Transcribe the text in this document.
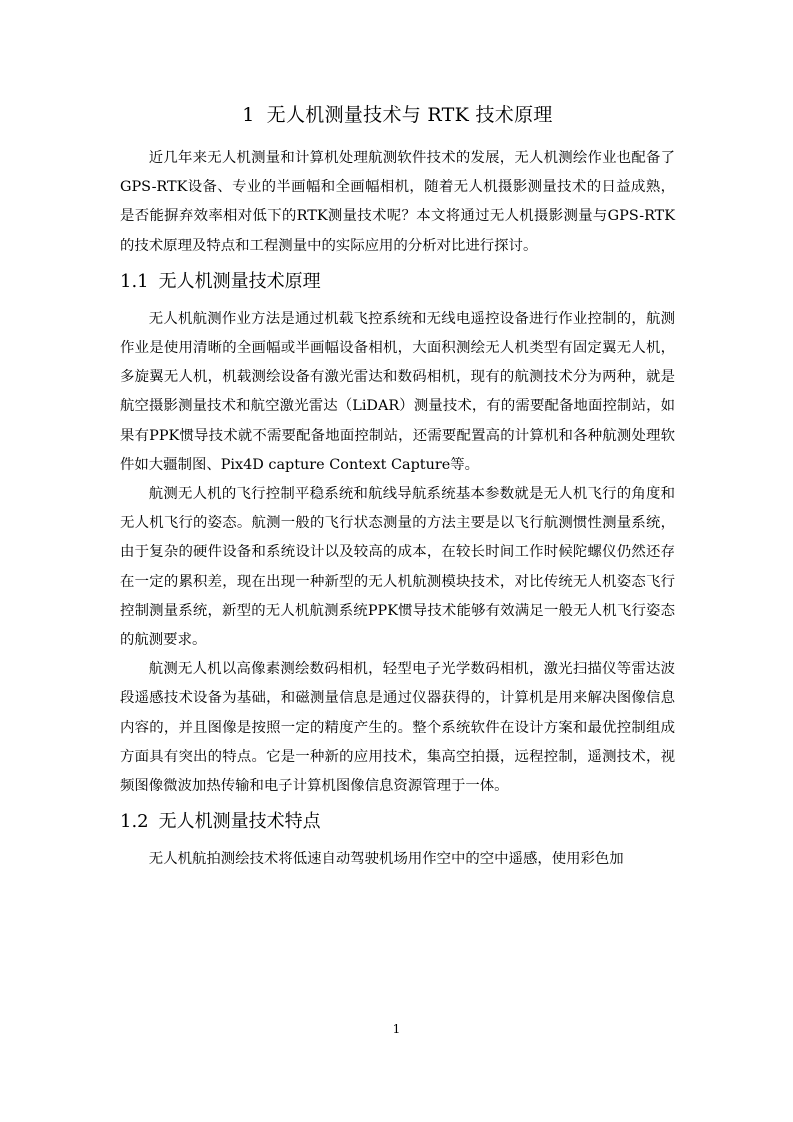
1 无人机测量技术与 RTK 技术原理

近几年来无人机测量和计算机处理航测软件技术的发展，无人机测绘作业也配备了GPS-RTK设备、专业的半画幅和全画幅相机，随着无人机摄影测量技术的日益成熟，是否能摒弃效率相对低下的RTK测量技术呢？本文将通过无人机摄影测量与GPS-RTK的技术原理及特点和工程测量中的实际应用的分析对比进行探讨。

1.1 无人机测量技术原理

无人机航测作业方法是通过机载飞控系统和无线电遥控设备进行作业控制的，航测作业是使用清晰的全画幅或半画幅设备相机，大面积测绘无人机类型有固定翼无人机，多旋翼无人机，机载测绘设备有激光雷达和数码相机，现有的航测技术分为两种，就是航空摄影测量技术和航空激光雷达（LiDAR）测量技术，有的需要配备地面控制站，如果有PPK惯导技术就不需要配备地面控制站，还需要配置高的计算机和各种航测处理软件如大疆制图、Pix4D capture Context Capture等。

航测无人机的飞行控制平稳系统和航线导航系统基本参数就是无人机飞行的角度和无人机飞行的姿态。航测一般的飞行状态测量的方法主要是以飞行航测惯性测量系统，由于复杂的硬件设备和系统设计以及较高的成本，在较长时间工作时候陀螺仪仍然还存在一定的累积差，现在出现一种新型的无人机航测模块技术，对比传统无人机姿态飞行控制测量系统，新型的无人机航测系统PPK惯导技术能够有效满足一般无人机飞行姿态的航测要求。

航测无人机以高像素测绘数码相机，轻型电子光学数码相机，激光扫描仪等雷达波段遥感技术设备为基础，和磁测量信息是通过仪器获得的，计算机是用来解决图像信息内容的，并且图像是按照一定的精度产生的。整个系统软件在设计方案和最优控制组成方面具有突出的特点。它是一种新的应用技术，集高空拍摄，远程控制，遥测技术，视频图像微波加热传输和电子计算机图像信息资源管理于一体。

1.2 无人机测量技术特点

无人机航拍测绘技术将低速自动驾驶机场用作空中的空中遥感，使用彩色加

1
